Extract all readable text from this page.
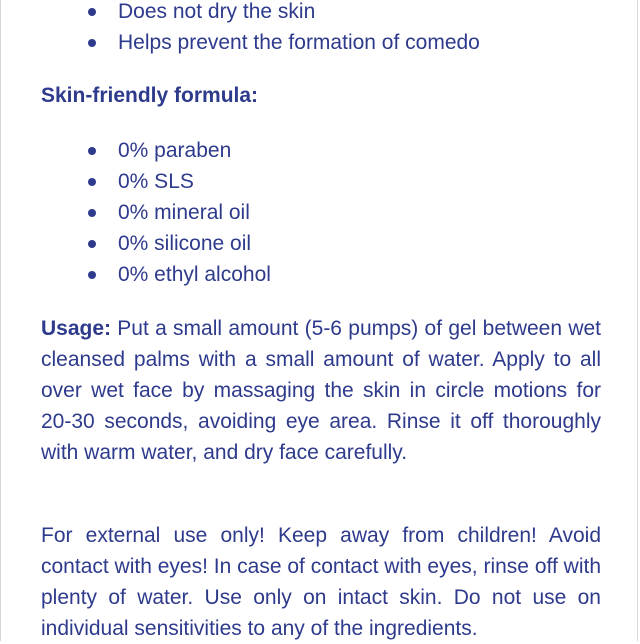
Does not dry the skin
Helps prevent the formation of comedo
Skin-friendly formula:
0% paraben
0% SLS
0% mineral oil
0% silicone oil
0% ethyl alcohol

Usage: Put a small amount (5-6 pumps) of gel between wet cleansed palms with a small amount of water. Apply to all over wet face by massaging the skin in circle motions for 20-30 seconds, avoiding eye area. Rinse it off thoroughly with warm water, and dry face carefully.

For external use only! Keep away from children! Avoid contact with eyes! In case of contact with eyes, rinse off with plenty of water. Use only on intact skin. Do not use on individual sensitivities to any of the ingredients.
